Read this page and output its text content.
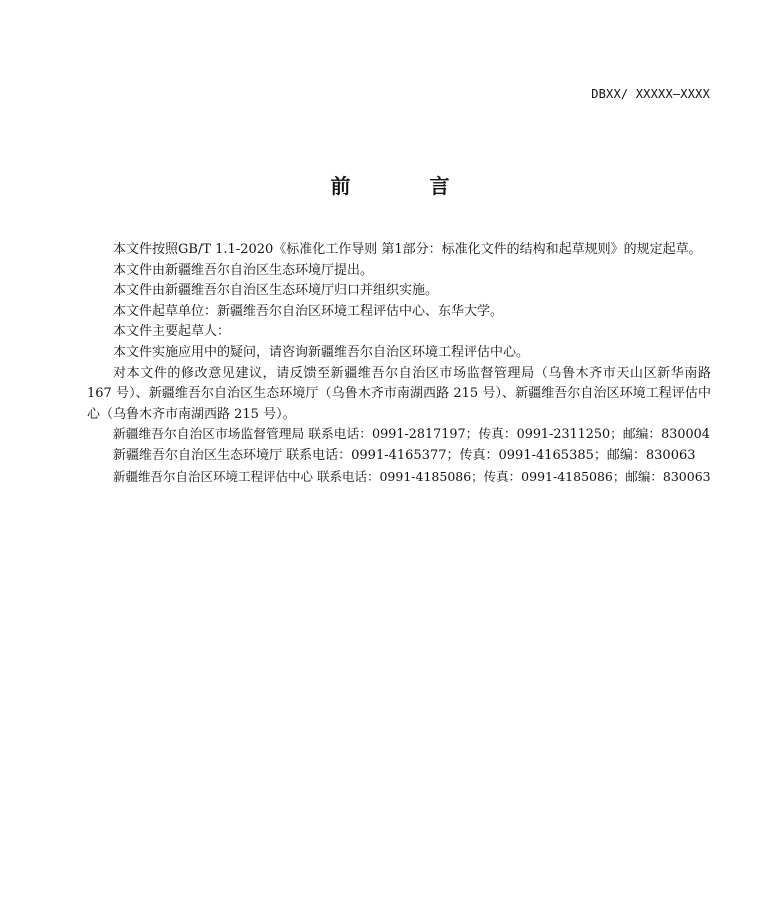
DBXX/ XXXXX—XXXX
前 言

本文件按照GB/T 1.1-2020《标准化工作导则 第1部分：标准化文件的结构和起草规则》的规定起草。

本文件由新疆维吾尔自治区生态环境厅提出。

本文件由新疆维吾尔自治区生态环境厅归口并组织实施。

本文件起草单位：新疆维吾尔自治区环境工程评估中心、东华大学。

本文件主要起草人：

本文件实施应用中的疑问，请咨询新疆维吾尔自治区环境工程评估中心。

对本文件的修改意见建议，请反馈至新疆维吾尔自治区市场监督管理局（乌鲁木齐市天山区新华南路 167 号）、新疆维吾尔自治区生态环境厅（乌鲁木齐市南湖西路 215 号）、新疆维吾尔自治区环境工程评估中心（乌鲁木齐市南湖西路 215 号）。

新疆维吾尔自治区市场监督管理局 联系电话：0991-2817197；传真：0991-2311250；邮编：830004

新疆维吾尔自治区生态环境厅 联系电话：0991-4165377；传真：0991-4165385；邮编：830063

新疆维吾尔自治区环境工程评估中心 联系电话：0991-4185086；传真：0991-4185086；邮编：830063
